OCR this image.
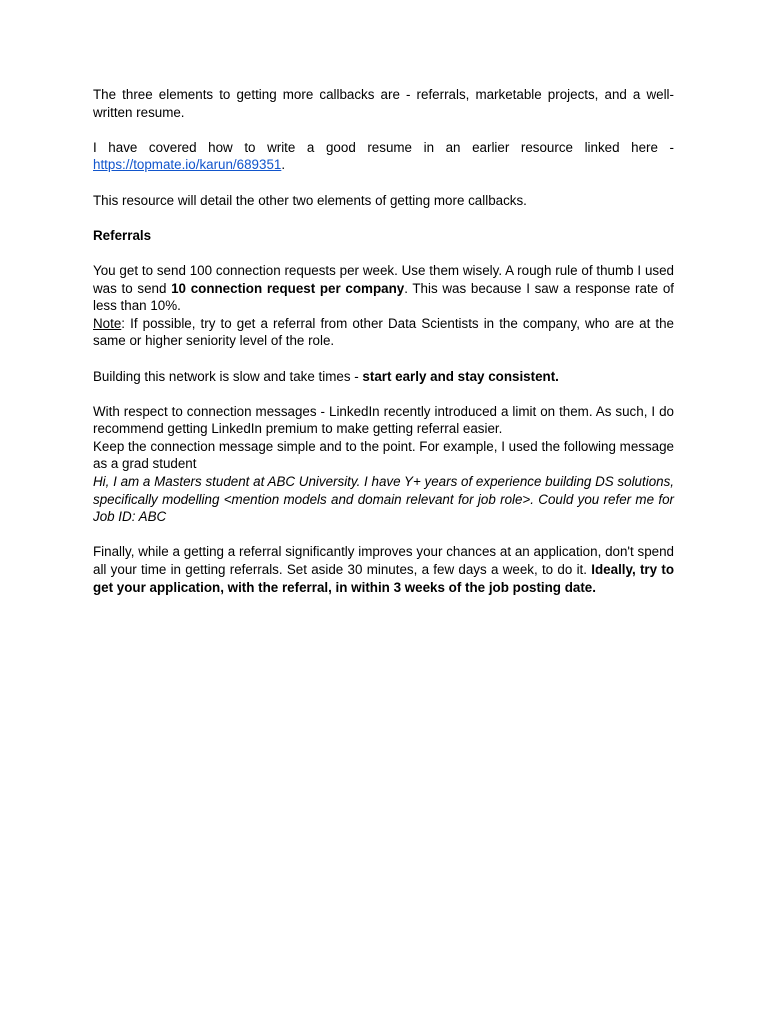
The three elements to getting more callbacks are - referrals, marketable projects, and a well-written resume.

I have covered how to write a good resume in an earlier resource linked here - https://topmate.io/karun/689351.

This resource will detail the other two elements of getting more callbacks.

Referrals

You get to send 100 connection requests per week. Use them wisely. A rough rule of thumb I used was to send 10 connection request per company. This was because I saw a response rate of less than 10%.

Note: If possible, try to get a referral from other Data Scientists in the company, who are at the same or higher seniority level of the role.

Building this network is slow and take times - start early and stay consistent.

With respect to connection messages - LinkedIn recently introduced a limit on them. As such, I do recommend getting LinkedIn premium to make getting referral easier.

Keep the connection message simple and to the point. For example, I used the following message as a grad student

Hi, I am a Masters student at ABC University. I have Y+ years of experience building DS solutions, specifically modelling <mention models and domain relevant for job role>. Could you refer me for Job ID: ABC

Finally, while a getting a referral significantly improves your chances at an application, don't spend all your time in getting referrals. Set aside 30 minutes, a few days a week, to do it. Ideally, try to get your application, with the referral, in within 3 weeks of the job posting date.
